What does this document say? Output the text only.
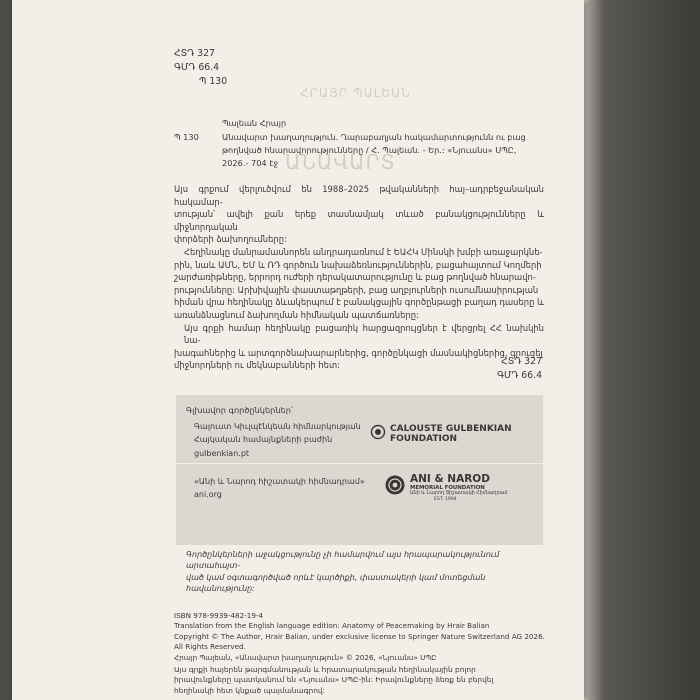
ՀՐԱՅՐ ՊԱԼԵԱՆ
ԱՆԱՎԱՐՏ
ՀՏԴ 327
ԳՄԴ 66.4
Պ 130
Պալեան Հրայր
Պ 130	Անավարտ խաղաղություն. Ղարաբաղյան հակամարտությունն ու բաց
թողնված հնարավորությունները / Հ. Պալեան. - Եր.: «Նյուանս» ՍՊԸ,
2026.- 704 էջ
Այս գրքում վերլուծվում են 1988–2025 թվականների հայ–ադրբեջանական հակամար-
տության՝ ավելի քան երեք տասնամյակ տևած բանակցությունները և միջնորդական
փորձերի ձախողումները:
Հեղինակը մանրամասնորեն անդրադառնում է ԵԱՀԿ Մինսկի խմբի առաջարկնե-
րին, նաև ԱՄՆ, ԵՄ և ՌԴ գործուն նախաձեռնություններին, բացահայտում Կողմերի
շարժառիթները, երրորդ ուժերի դերակատարությունը և բաց թողնված հնարավո-
րությունները: Արխիվային փաստաթղթերի, բաց աղբյուրների ուսումնասիրության
հիման վրա հեղինակը ձևակերպում է բանակցային գործընթացի բաղադ դասերը և
առանձնացնում ձախողման հիմնական պատճառները:
Այս գրքի համար հեղինակը բացառիկ հարցազրույցներ է վերցրել ՀՀ նախկին նա-
խագահներից և արտգործնախարարներից, գործընկացի մասնակիցներից, գրուցել
միջնորդների ու մեկնաբանների հետ:	ՀՏԴ 327
ԳՄԴ 66.4
Գլխավոր գործընկերներ՝
Գալուստ Կիւլպէնկեան հիմնարկության
Հայկական համայնքների բաժին
gulbenkian.pt
CALOUSTE GULBENKIAN
FOUNDATION
«Անի և Նարոդ հիշատակի հիմնադրամ»
ani.org
ANI & NAROD
MEMORIAL FOUNDATION
Անի և Նարոդ Յիշատակի Հիմնադրամ
EST. 1994
Գործընկերների աջակցությունը չի համարվում այս հրապարակությունում արտահայտ-
ված կամ օգտագործված որևէ կարծիքի, փաստակերի կամ մոտեցման հավանությունը:
ISBN 978-9939-482-19-4
Translation from the English language edition: Anatomy of Peacemaking by Hrair Balian
Copyright © The Author, Hrair Balian, under exclusive license to Springer Nature Switzerland AG 2026.
All Rights Reserved.
Հրայր Պալեան, «Անավարտ խաղաղություն» © 2026, «Նյուանս» ՍՊԸ
Այս գրքի հայերեն թարգմանության և հրատարակության հեղինակային բոլոր
իրավունքները պատկանում են «Նյուանս» ՍՊԸ-ին: Իրավունքները ձեռք են բերվել
հեղինակի հետ կնքած պայմանագրով:
